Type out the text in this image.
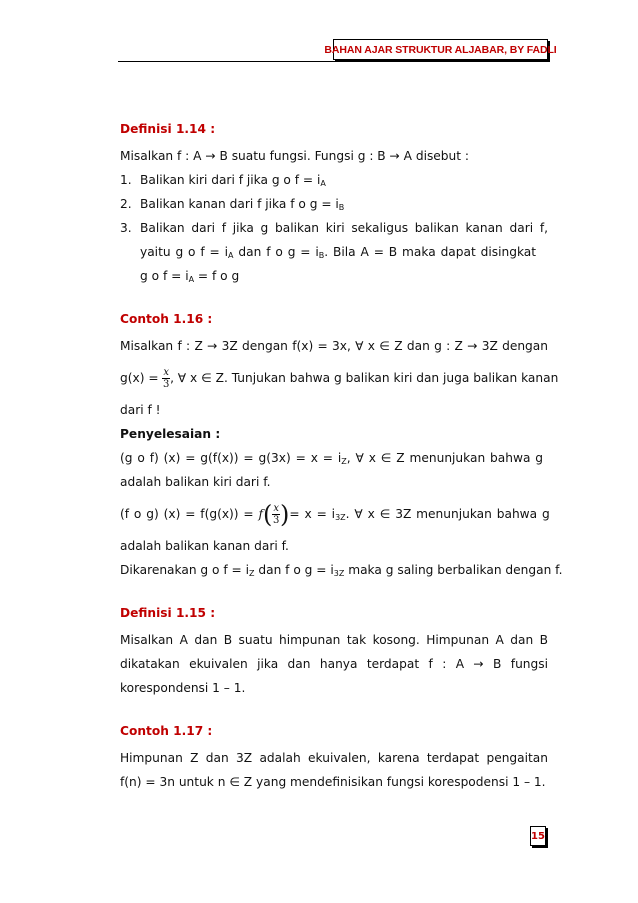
BAHAN AJAR STRUKTUR ALJABAR, BY FADLI

Definisi 1.14 :

Misalkan f : A → B suatu fungsi. Fungsi g : B → A disebut :

1. Balikan kiri dari f jika g o $f = i_A$

2. Balikan kanan dari f jika f o $g = i_B$

3. Balikan dari f jika g balikan kiri sekaligus balikan kanan dari f,

yaitu g o $f = i_A$ dan f o $g = i_B$. Bila A = B maka dapat disingkat

g o $f = i_A = f$ o g

Contoh 1.16 :

Misalkan f : Z → 3Z dengan f(x) = 3x, ∀ x ∈ Z dan g : Z → 3Z dengan

$g(x) = \frac{x}{3}$ , ∀ x ∈ Z. Tunjukan bahwa g balikan kiri dan juga balikan kanan

dari f !

Penyelesaian :

(g o f) $(x) = g(f(x)) = g(3x) = x = i_Z$, ∀ x ∈ Z menunjukan bahwa g

adalah balikan kiri dari f.

(f o g) $(x) = f(g(x)) = f( \frac{x}{3}$ )= $x = i_{3Z}$. ∀ x ∈ 3Z menunjukan bahwa g

adalah balikan kanan dari f.

Dikarenakan g o $f = i_Z$ dan f o $g = i_{3Z}$ maka g saling berbalikan dengan f.

Definisi 1.15 :

Misalkan A dan B suatu himpunan tak kosong. Himpunan A dan B

dikatakan ekuivalen jika dan hanya terdapat f : A → B fungsi

korespondensi 1 – 1.

Contoh 1.17 :

Himpunan Z dan 3Z adalah ekuivalen, karena terdapat pengaitan

f(n) = 3n untuk n ∈ Z yang mendefinisikan fungsi korespodensi 1 – 1.

15
